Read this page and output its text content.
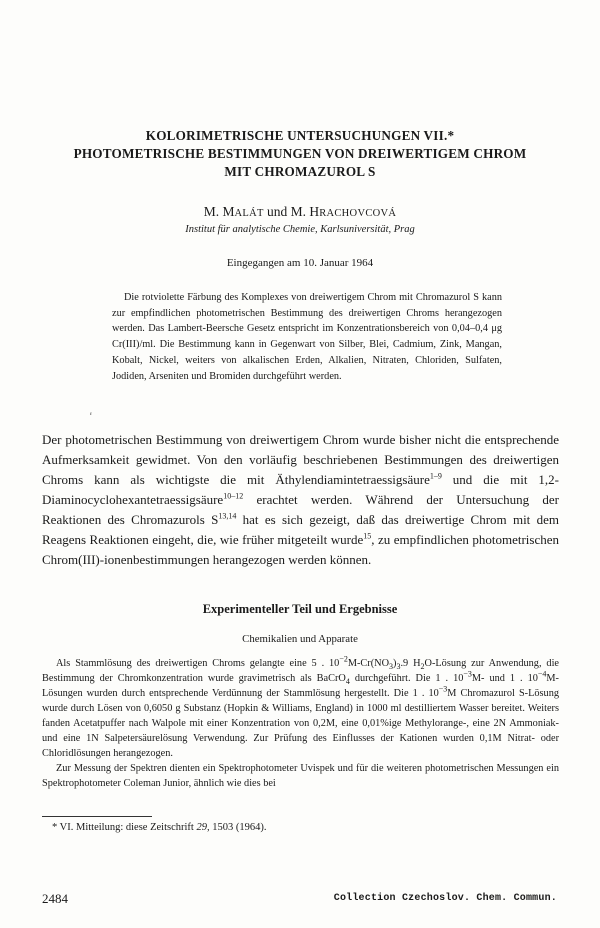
KOLORIMETRISCHE UNTERSUCHUNGEN VII.*
PHOTOMETRISCHE BESTIMMUNGEN VON DREIWERTIGEM CHROM
MIT CHROMAZUROL S
M. MALÁT und M. HRACHOVCOVÁ
Institut für analytische Chemie, Karlsuniversität, Prag
Eingegangen am 10. Januar 1964
Die rotviolette Färbung des Komplexes von dreiwertigem Chrom mit Chromazurol S kann zur empfindlichen photometrischen Bestimmung des dreiwertigen Chroms herangezogen werden. Das Lambert-Beersche Gesetz entspricht im Konzentrationsbereich von 0,04–0,4 μg Cr(III)/ml. Die Bestimmung kann in Gegenwart von Silber, Blei, Cadmium, Zink, Mangan, Kobalt, Nickel, weiters von alkalischen Erden, Alkalien, Nitraten, Chloriden, Sulfaten, Jodiden, Arseniten und Bromiden durchgeführt werden.
ᵋ
Der photometrischen Bestimmung von dreiwertigem Chrom wurde bisher nicht die entsprechende Aufmerksamkeit gewidmet. Von den vorläufig beschriebenen Bestimmungen des dreiwertigen Chroms kann als wichtigste die mit Äthylendiamintetraessigsäure$^{1-9}$ und die mit 1,2-Diaminocyclohexantetraessigsäure$^{10-12}$ erachtet werden. Während der Untersuchung der Reaktionen des Chromazurols S$^{13,14}$ hat es sich gezeigt, daß das dreiwertige Chrom mit dem Reagens Reaktionen eingeht, die, wie früher mitgeteilt wurde$^{15}$, zu empfindlichen photometrischen Chrom(III)-ionenbestimmungen herangezogen werden können.
Experimenteller Teil und Ergebnisse
Chemikalien und Apparate

Als Stammlösung des dreiwertigen Chroms gelangte eine 5 . $10^{-2}M-Cr(NO_3)_3.9$ $H_2O$-Lösung zur Anwendung, die Bestimmung der Chromkonzentration wurde gravimetrisch als BaCrO$_4$ durchgeführt. Die 1 . $10^{-3}M-$ und 1 . $10^{-4}M$-Lösungen wurden durch entsprechende Verdünnung der Stammlösung hergestellt. Die 1 . $10^{-3}M$ Chromazurol S-Lösung wurde durch Lösen von 0,6050 g Substanz (Hopkin & Williams, England) in 1000 ml destilliertem Wasser bereitet. Weiters fanden Acetatpuffer nach Walpole mit einer Konzentration von 0,2M, eine 0,01%ige Methylorange-, eine 2N Ammoniak- und eine 1N Salpetersäurelösung Verwendung. Zur Prüfung des Einflusses der Kationen wurden 0,1M Nitrat- oder Chloridlösungen herangezogen.

Zur Messung der Spektren dienten ein Spektrophotometer Uvispek und für die weiteren photometrischen Messungen ein Spektrophotometer Coleman Junior, ähnlich wie dies bei

* VI. Mitteilung: diese Zeitschrift 29, 1503 (1964).
2484	Collection Czechoslov. Chem. Commun.
